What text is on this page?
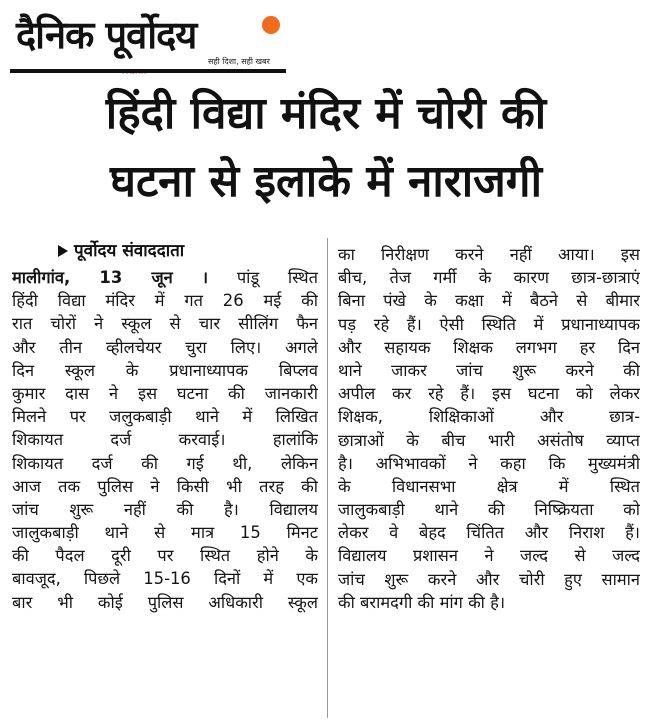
दैनिक पूर्वोदय
सही दिशा, सही खबर
हिंदी विद्या मंदिर में चोरी की
घटना से इलाके में नाराजगी
पूर्वोदय संवाददाता
मालीगांव, 13 जून । पांडू स्थित
हिंदी विद्या मंदिर में गत 26 मई की
रात चोरों ने स्कूल से चार सीलिंग फैन
और तीन व्हीलचेयर चुरा लिए। अगले
दिन स्कूल के प्रधानाध्यापक बिप्लव
कुमार दास ने इस घटना की जानकारी
मिलने पर जलुकबाड़ी थाने में लिखित
शिकायत दर्ज करवाई। हालांकि
शिकायत दर्ज की गई थी, लेकिन
आज तक पुलिस ने किसी भी तरह की
जांच शुरू नहीं की है। विद्यालय
जालुकबाड़ी थाने से मात्र 15 मिनट
की पैदल दूरी पर स्थित होने के
बावजूद, पिछले 15-16 दिनों में एक
बार भी कोई पुलिस अधिकारी स्कूल
का निरीक्षण करने नहीं आया। इस
बीच, तेज गर्मी के कारण छात्र-छात्राएं
बिना पंखे के कक्षा में बैठने से बीमार
पड़ रहे हैं। ऐसी स्थिति में प्रधानाध्यापक
और सहायक शिक्षक लगभग हर दिन
थाने जाकर जांच शुरू करने की
अपील कर रहे हैं। इस घटना को लेकर
शिक्षक, शिक्षिकाओं और छात्र-
छात्राओं के बीच भारी असंतोष व्याप्त
है। अभिभावकों ने कहा कि मुख्यमंत्री
के विधानसभा क्षेत्र में स्थित
जालुकबाड़ी थाने की निष्क्रियता को
लेकर वे बेहद चिंतित और निराश हैं।
विद्यालय प्रशासन ने जल्द से जल्द
जांच शुरू करने और चोरी हुए सामान
की बरामदगी की मांग की है।
